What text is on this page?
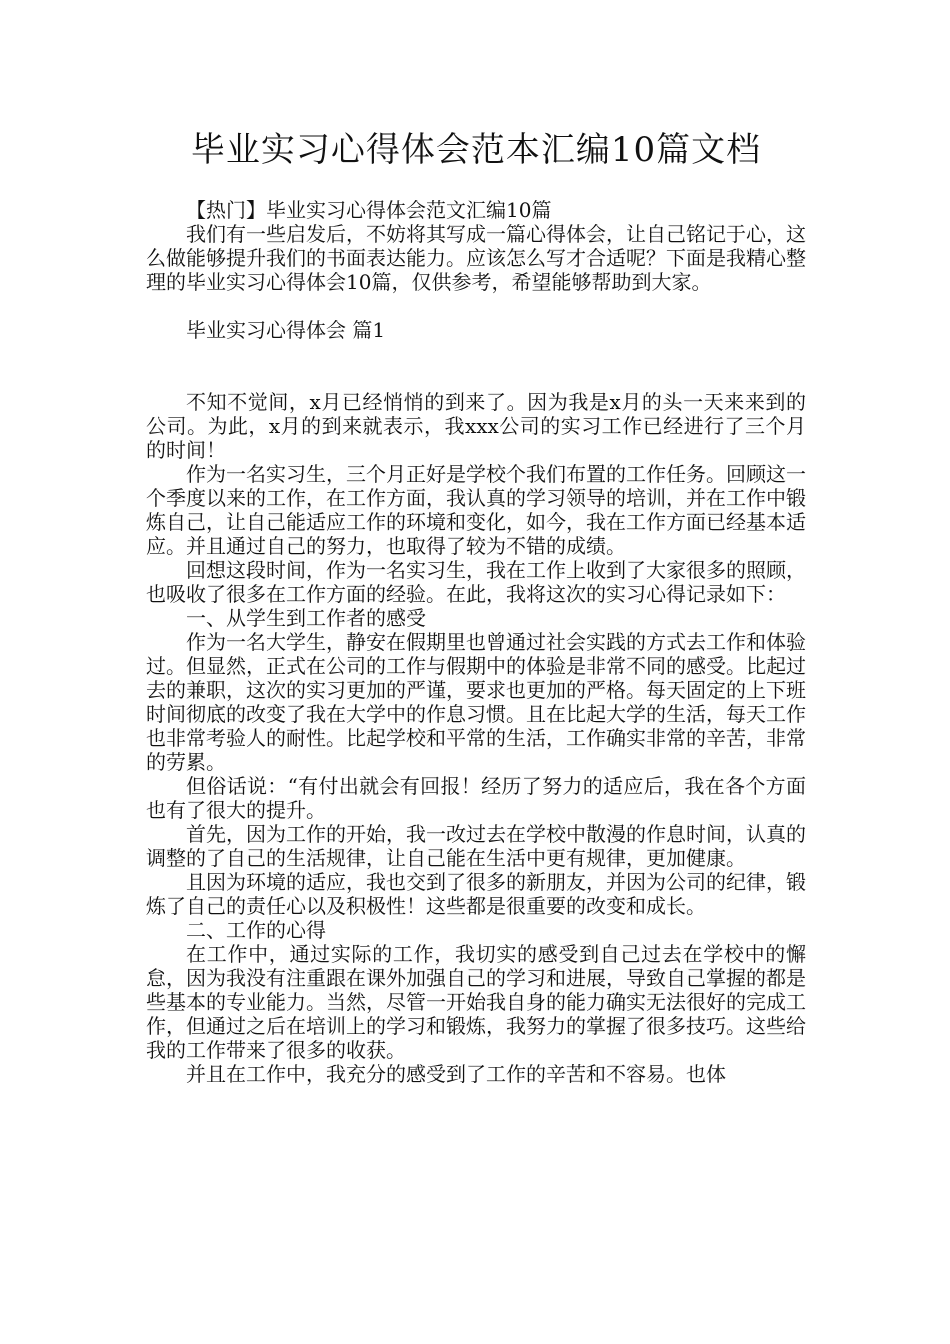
毕业实习心得体会范本汇编10篇文档

【热门】毕业实习心得体会范文汇编10篇

我们有一些启发后，不妨将其写成一篇心得体会，让自己铭记于心，这么做能够提升我们的书面表达能力。应该怎么写才合适呢？下面是我精心整理的毕业实习心得体会10篇，仅供参考，希望能够帮助到大家。

毕业实习心得体会 篇1

不知不觉间，x月已经悄悄的到来了。因为我是x月的头一天来来到的公司。为此，x月的到来就表示，我xxx公司的实习工作已经进行了三个月的时间！

作为一名实习生，三个月正好是学校个我们布置的工作任务。回顾这一个季度以来的工作，在工作方面，我认真的学习领导的培训，并在工作中锻炼自己，让自己能适应工作的环境和变化，如今，我在工作方面已经基本适应。并且通过自己的努力，也取得了较为不错的成绩。

回想这段时间，作为一名实习生，我在工作上收到了大家很多的照顾，也吸收了很多在工作方面的经验。在此，我将这次的实习心得记录如下：

一、从学生到工作者的感受

作为一名大学生，静安在假期里也曾通过社会实践的方式去工作和体验过。但显然，正式在公司的工作与假期中的体验是非常不同的感受。比起过去的兼职，这次的实习更加的严谨，要求也更加的严格。每天固定的上下班时间彻底的改变了我在大学中的作息习惯。且在比起大学的生活，每天工作也非常考验人的耐性。比起学校和平常的生活，工作确实非常的辛苦，非常的劳累。

但俗话说：“有付出就会有回报！经历了努力的适应后，我在各个方面也有了很大的提升。

首先，因为工作的开始，我一改过去在学校中散漫的作息时间，认真的调整的了自己的生活规律，让自己能在生活中更有规律，更加健康。

且因为环境的适应，我也交到了很多的新朋友，并因为公司的纪律，锻炼了自己的责任心以及积极性！这些都是很重要的改变和成长。

二、工作的心得

在工作中，通过实际的工作，我切实的感受到自己过去在学校中的懈怠，因为我没有注重跟在课外加强自己的学习和进展，导致自己掌握的都是些基本的专业能力。当然，尽管一开始我自身的能力确实无法很好的完成工作，但通过之后在培训上的学习和锻炼，我努力的掌握了很多技巧。这些给我的工作带来了很多的收获。

并且在工作中，我充分的感受到了工作的辛苦和不容易。也体
